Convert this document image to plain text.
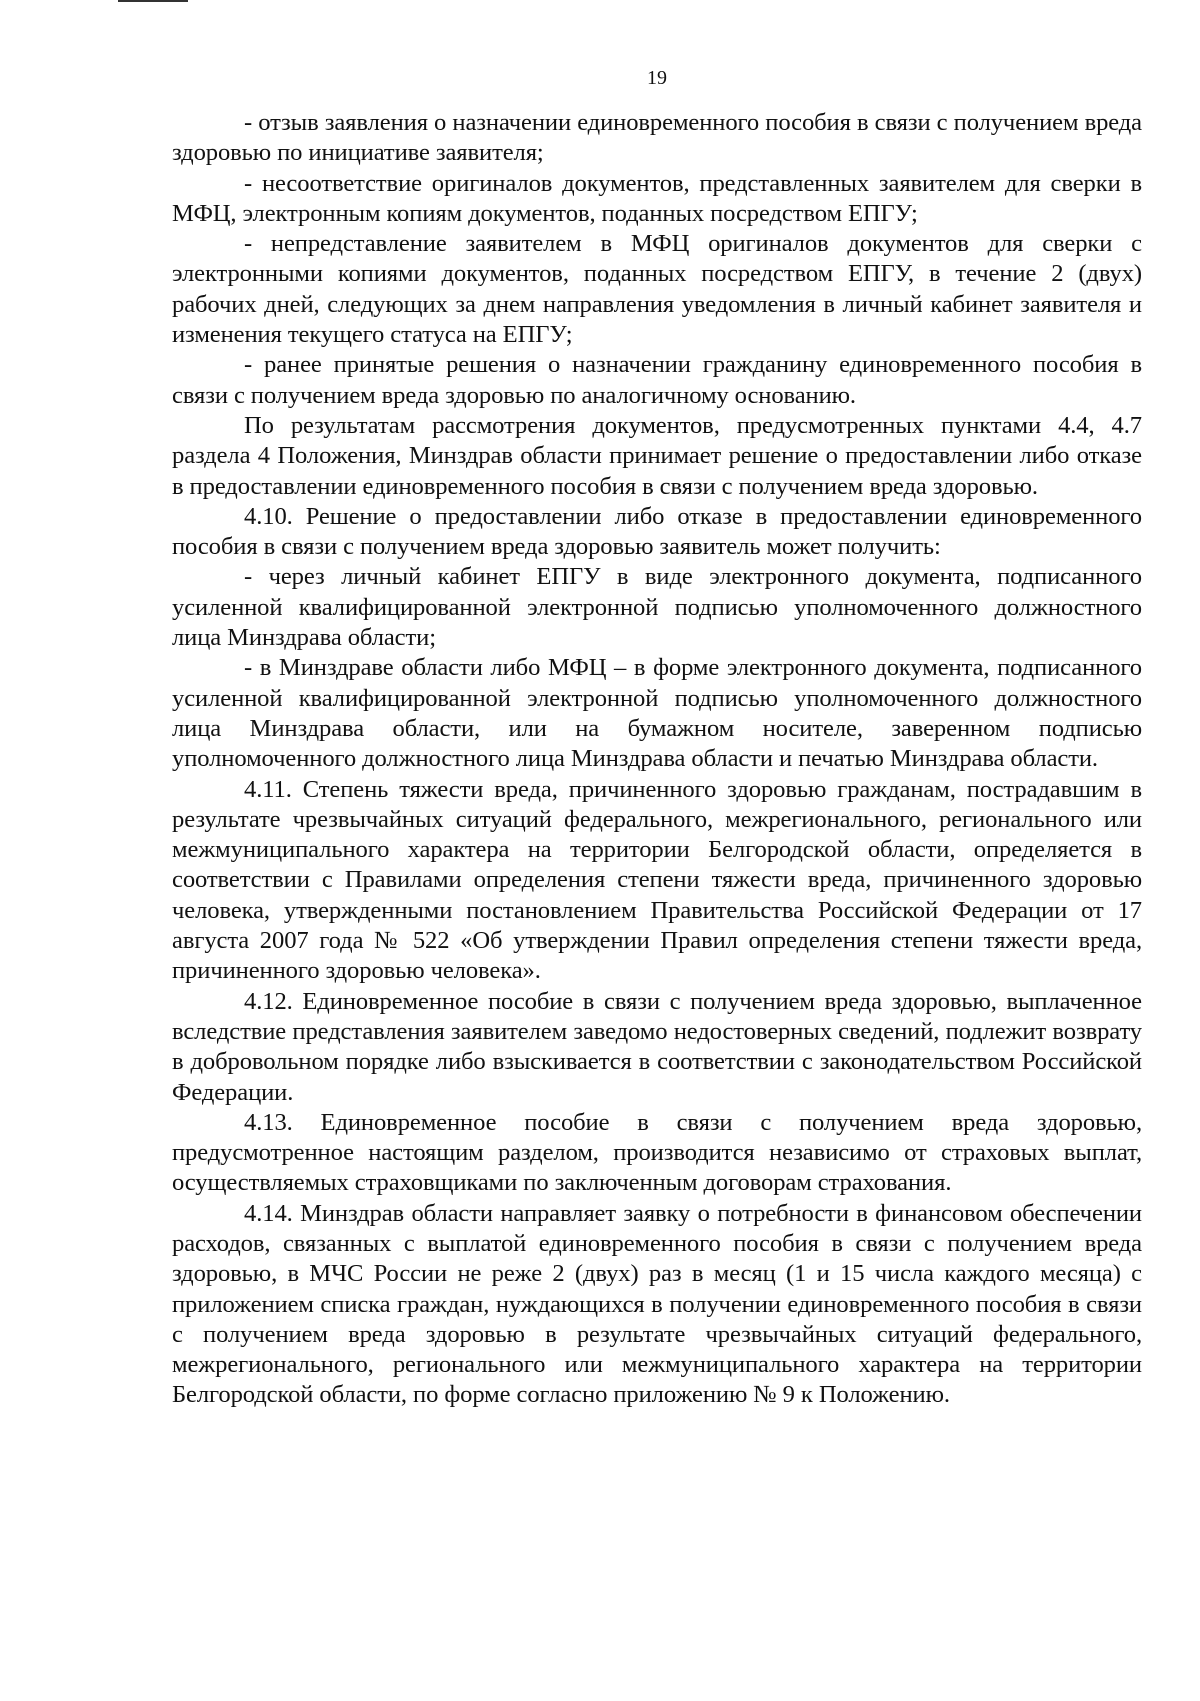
19

- отзыв заявления о назначении единовременного пособия в связи с получением вреда здоровью по инициативе заявителя;

- несоответствие оригиналов документов, представленных заявителем для сверки в МФЦ, электронным копиям документов, поданных посредством ЕПГУ;

- непредставление заявителем в МФЦ оригиналов документов для сверки с электронными копиями документов, поданных посредством ЕПГУ, в течение 2 (двух) рабочих дней, следующих за днем направления уведомления в личный кабинет заявителя и изменения текущего статуса на ЕПГУ;

- ранее принятые решения о назначении гражданину единовременного пособия в связи с получением вреда здоровью по аналогичному основанию.

По результатам рассмотрения документов, предусмотренных пунктами 4.4, 4.7 раздела 4 Положения, Минздрав области принимает решение о предоставлении либо отказе в предоставлении единовременного пособия в связи с получением вреда здоровью.

4.10. Решение о предоставлении либо отказе в предоставлении единовременного пособия в связи с получением вреда здоровью заявитель может получить:

- через личный кабинет ЕПГУ в виде электронного документа, подписанного усиленной квалифицированной электронной подписью уполномоченного должностного лица Минздрава области;

- в Минздраве области либо МФЦ – в форме электронного документа, подписанного усиленной квалифицированной электронной подписью уполномоченного должностного лица Минздрава области, или на бумажном носителе, заверенном подписью уполномоченного должностного лица Минздрава области и печатью Минздрава области.

4.11. Степень тяжести вреда, причиненного здоровью гражданам, пострадавшим в результате чрезвычайных ситуаций федерального, межрегионального, регионального или межмуниципального характера на территории Белгородской области, определяется в соответствии с Правилами определения степени тяжести вреда, причиненного здоровью человека, утвержденными постановлением Правительства Российской Федерации от 17 августа 2007 года № 522 «Об утверждении Правил определения степени тяжести вреда, причиненного здоровью человека».

4.12. Единовременное пособие в связи с получением вреда здоровью, выплаченное вследствие представления заявителем заведомо недостоверных сведений, подлежит возврату в добровольном порядке либо взыскивается в соответствии с законодательством Российской Федерации.

4.13. Единовременное пособие в связи с получением вреда здоровью, предусмотренное настоящим разделом, производится независимо от страховых выплат, осуществляемых страховщиками по заключенным договорам страхования.

4.14. Минздрав области направляет заявку о потребности в финансовом обеспечении расходов, связанных с выплатой единовременного пособия в связи с получением вреда здоровью, в МЧС России не реже 2 (двух) раз в месяц (1 и 15 числа каждого месяца) с приложением списка граждан, нуждающихся в получении единовременного пособия в связи с получением вреда здоровью в результате чрезвычайных ситуаций федерального, межрегионального, регионального или межмуниципального характера на территории Белгородской области, по форме согласно приложению № 9 к Положению.
